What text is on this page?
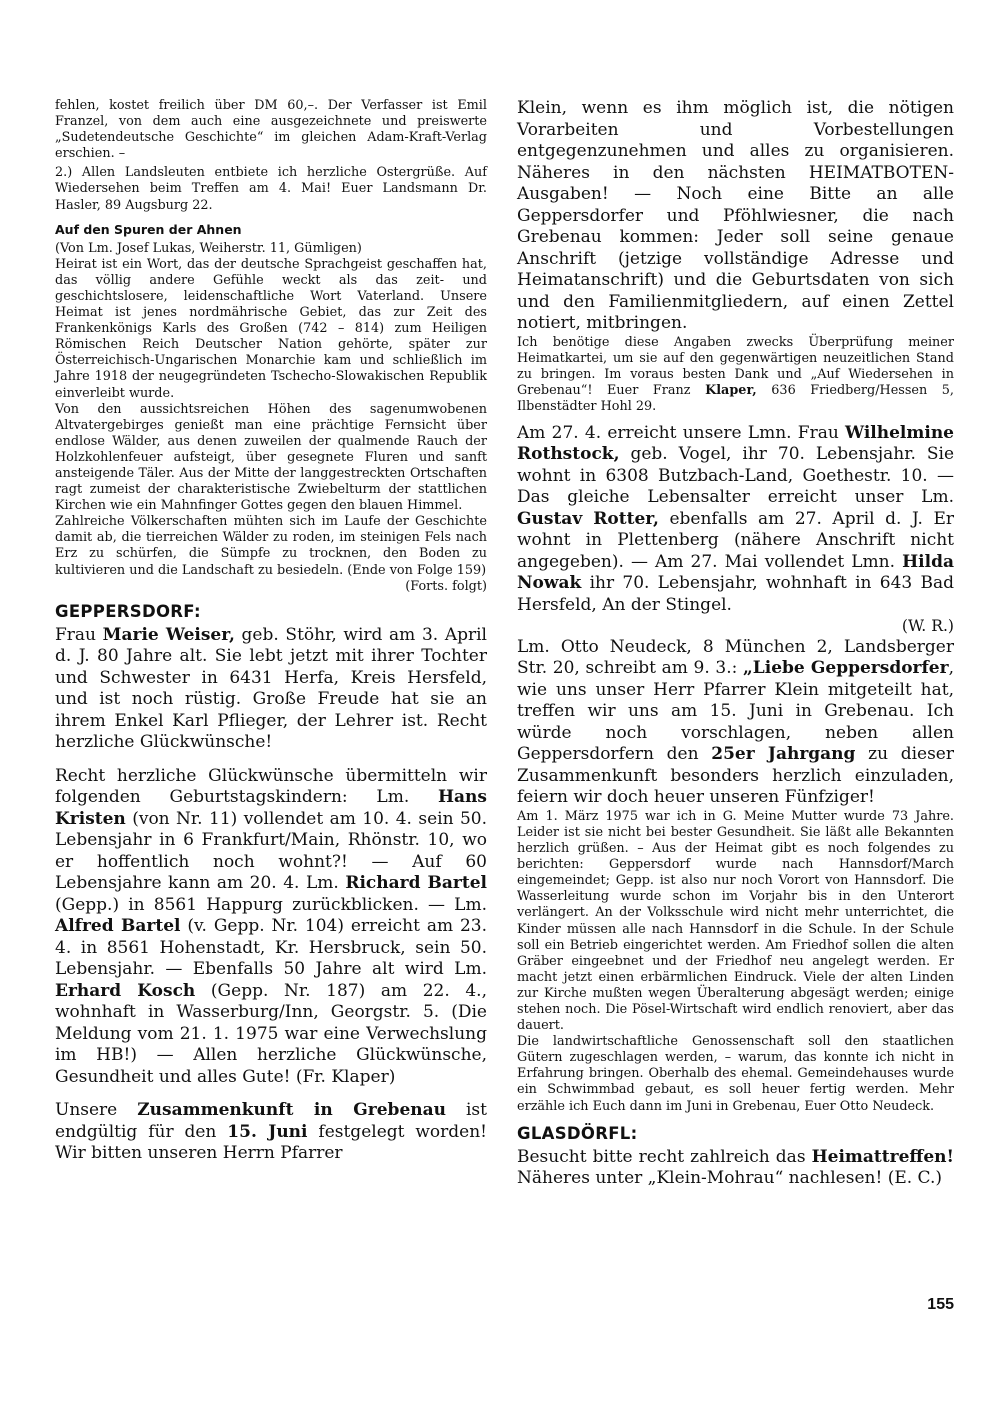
fehlen, kostet freilich über DM 60,–. Der Verfasser ist Emil Franzel, von dem auch eine ausgezeichnete und preiswerte „Sudetendeutsche Geschichte“ im gleichen Adam-Kraft-Verlag erschien. –

2.) Allen Landsleuten entbiete ich herzliche Ostergrüße. Auf Wiedersehen beim Treffen am 4. Mai! Euer Landsmann Dr. Hasler, 89 Augsburg 22.

Auf den Spuren der Ahnen

(Von Lm. Josef Lukas, Weiherstr. 11, Gümligen)

Heirat ist ein Wort, das der deutsche Sprachgeist geschaffen hat, das völlig andere Gefühle weckt als das zeit- und geschichtslosere, leidenschaftliche Wort Vaterland. Unsere Heimat ist jenes nordmährische Gebiet, das zur Zeit des Frankenkönigs Karls des Großen (742 – 814) zum Heiligen Römischen Reich Deutscher Nation gehörte, später zur Österreichisch-Ungarischen Monarchie kam und schließlich im Jahre 1918 der neugegründeten Tschecho-Slowakischen Republik einverleibt wurde.

Von den aussichtsreichen Höhen des sagenumwobenen Altvatergebirges genießt man eine prächtige Fernsicht über endlose Wälder, aus denen zuweilen der qualmende Rauch der Holzkohlenfeuer aufsteigt, über gesegnete Fluren und sanft ansteigende Täler. Aus der Mitte der langgestreckten Ortschaften ragt zumeist der charakteristische Zwiebelturm der stattlichen Kirchen wie ein Mahnfinger Gottes gegen den blauen Himmel.

Zahlreiche Völkerschaften mühten sich im Laufe der Geschichte damit ab, die tierreichen Wälder zu roden, im steinigen Fels nach Erz zu schürfen, die Sümpfe zu trocknen, den Boden zu kultivieren und die Landschaft zu besiedeln. (Ende von Folge 159)

(Forts. folgt)

GEPPERSDORF:

Frau Marie Weiser, geb. Stöhr, wird am 3. April d. J. 80 Jahre alt. Sie lebt jetzt mit ihrer Tochter und Schwester in 6431 Herfa, Kreis Hersfeld, und ist noch rüstig. Große Freude hat sie an ihrem Enkel Karl Pflieger, der Lehrer ist. Recht herzliche Glückwünsche!

Recht herzliche Glückwünsche übermitteln wir folgenden Geburtstagskindern: Lm. Hans Kristen (von Nr. 11) vollendet am 10. 4. sein 50. Lebensjahr in 6 Frankfurt/Main, Rhönstr. 10, wo er hoffentlich noch wohnt?! — Auf 60 Lebensjahre kann am 20. 4. Lm. Richard Bartel (Gepp.) in 8561 Happurg zurückblicken. — Lm. Alfred Bartel (v. Gepp. Nr. 104) erreicht am 23. 4. in 8561 Hohenstadt, Kr. Hersbruck, sein 50. Lebensjahr. — Ebenfalls 50 Jahre alt wird Lm. Erhard Kosch (Gepp. Nr. 187) am 22. 4., wohnhaft in Wasserburg/Inn, Georgstr. 5. (Die Meldung vom 21. 1. 1975 war eine Verwechslung im HB!) — Allen herzliche Glückwünsche, Gesundheit und alles Gute! (Fr. Klaper)

Unsere Zusammenkunft in Grebenau ist endgültig für den 15. Juni festgelegt worden! Wir bitten unseren Herrn Pfarrer

Klein, wenn es ihm möglich ist, die nötigen Vorarbeiten und Vorbestellungen entgegenzunehmen und alles zu organisieren. Näheres in den nächsten HEIMATBOTEN-Ausgaben! — Noch eine Bitte an alle Geppersdorfer und Pföhlwiesner, die nach Grebenau kommen: Jeder soll seine genaue Anschrift (jetzige vollständige Adresse und Heimatanschrift) und die Geburtsdaten von sich und den Familienmitgliedern, auf einen Zettel notiert, mitbringen.

Ich benötige diese Angaben zwecks Überprüfung meiner Heimatkartei, um sie auf den gegenwärtigen neuzeitlichen Stand zu bringen. Im voraus besten Dank und „Auf Wiedersehen in Grebenau“! Euer Franz Klaper, 636 Friedberg/Hessen 5, Ilbenstädter Hohl 29.

Am 27. 4. erreicht unsere Lmn. Frau Wilhelmine Rothstock, geb. Vogel, ihr 70. Lebensjahr. Sie wohnt in 6308 Butzbach-Land, Goethestr. 10. — Das gleiche Lebensalter erreicht unser Lm. Gustav Rotter, ebenfalls am 27. April d. J. Er wohnt in Plettenberg (nähere Anschrift nicht angegeben). — Am 27. Mai vollendet Lmn. Hilda Nowak ihr 70. Lebensjahr, wohnhaft in 643 Bad Hersfeld, An der Stingel.

(W. R.)

Lm. Otto Neudeck, 8 München 2, Landsberger Str. 20, schreibt am 9. 3.: „Liebe Geppersdorfer, wie uns unser Herr Pfarrer Klein mitgeteilt hat, treffen wir uns am 15. Juni in Grebenau. Ich würde noch vorschlagen, neben allen Geppersdorfern den 25er Jahrgang zu dieser Zusammenkunft besonders herzlich einzuladen, feiern wir doch heuer unseren Fünfziger!

Am 1. März 1975 war ich in G. Meine Mutter wurde 73 Jahre. Leider ist sie nicht bei bester Gesundheit. Sie läßt alle Bekannten herzlich grüßen. – Aus der Heimat gibt es noch folgendes zu berichten: Geppersdorf wurde nach Hannsdorf/March eingemeindet; Gepp. ist also nur noch Vorort von Hannsdorf. Die Wasserleitung wurde schon im Vorjahr bis in den Unterort verlängert. An der Volksschule wird nicht mehr unterrichtet, die Kinder müssen alle nach Hannsdorf in die Schule. In der Schule soll ein Betrieb eingerichtet werden. Am Friedhof sollen die alten Gräber eingeebnet und der Friedhof neu angelegt werden. Er macht jetzt einen erbärmlichen Eindruck. Viele der alten Linden zur Kirche mußten wegen Überalterung abgesägt werden; einige stehen noch. Die Pösel-Wirtschaft wird endlich renoviert, aber das dauert.

Die landwirtschaftliche Genossenschaft soll den staatlichen Gütern zugeschlagen werden, – warum, das konnte ich nicht in Erfahrung bringen. Oberhalb des ehemal. Gemeindehauses wurde ein Schwimmbad gebaut, es soll heuer fertig werden. Mehr erzähle ich Euch dann im Juni in Grebenau, Euer Otto Neudeck.

GLASDÖRFL:

Besucht bitte recht zahlreich das Heimattreffen! Näheres unter „Klein-Mohrau“ nachlesen! (E. C.)

155
